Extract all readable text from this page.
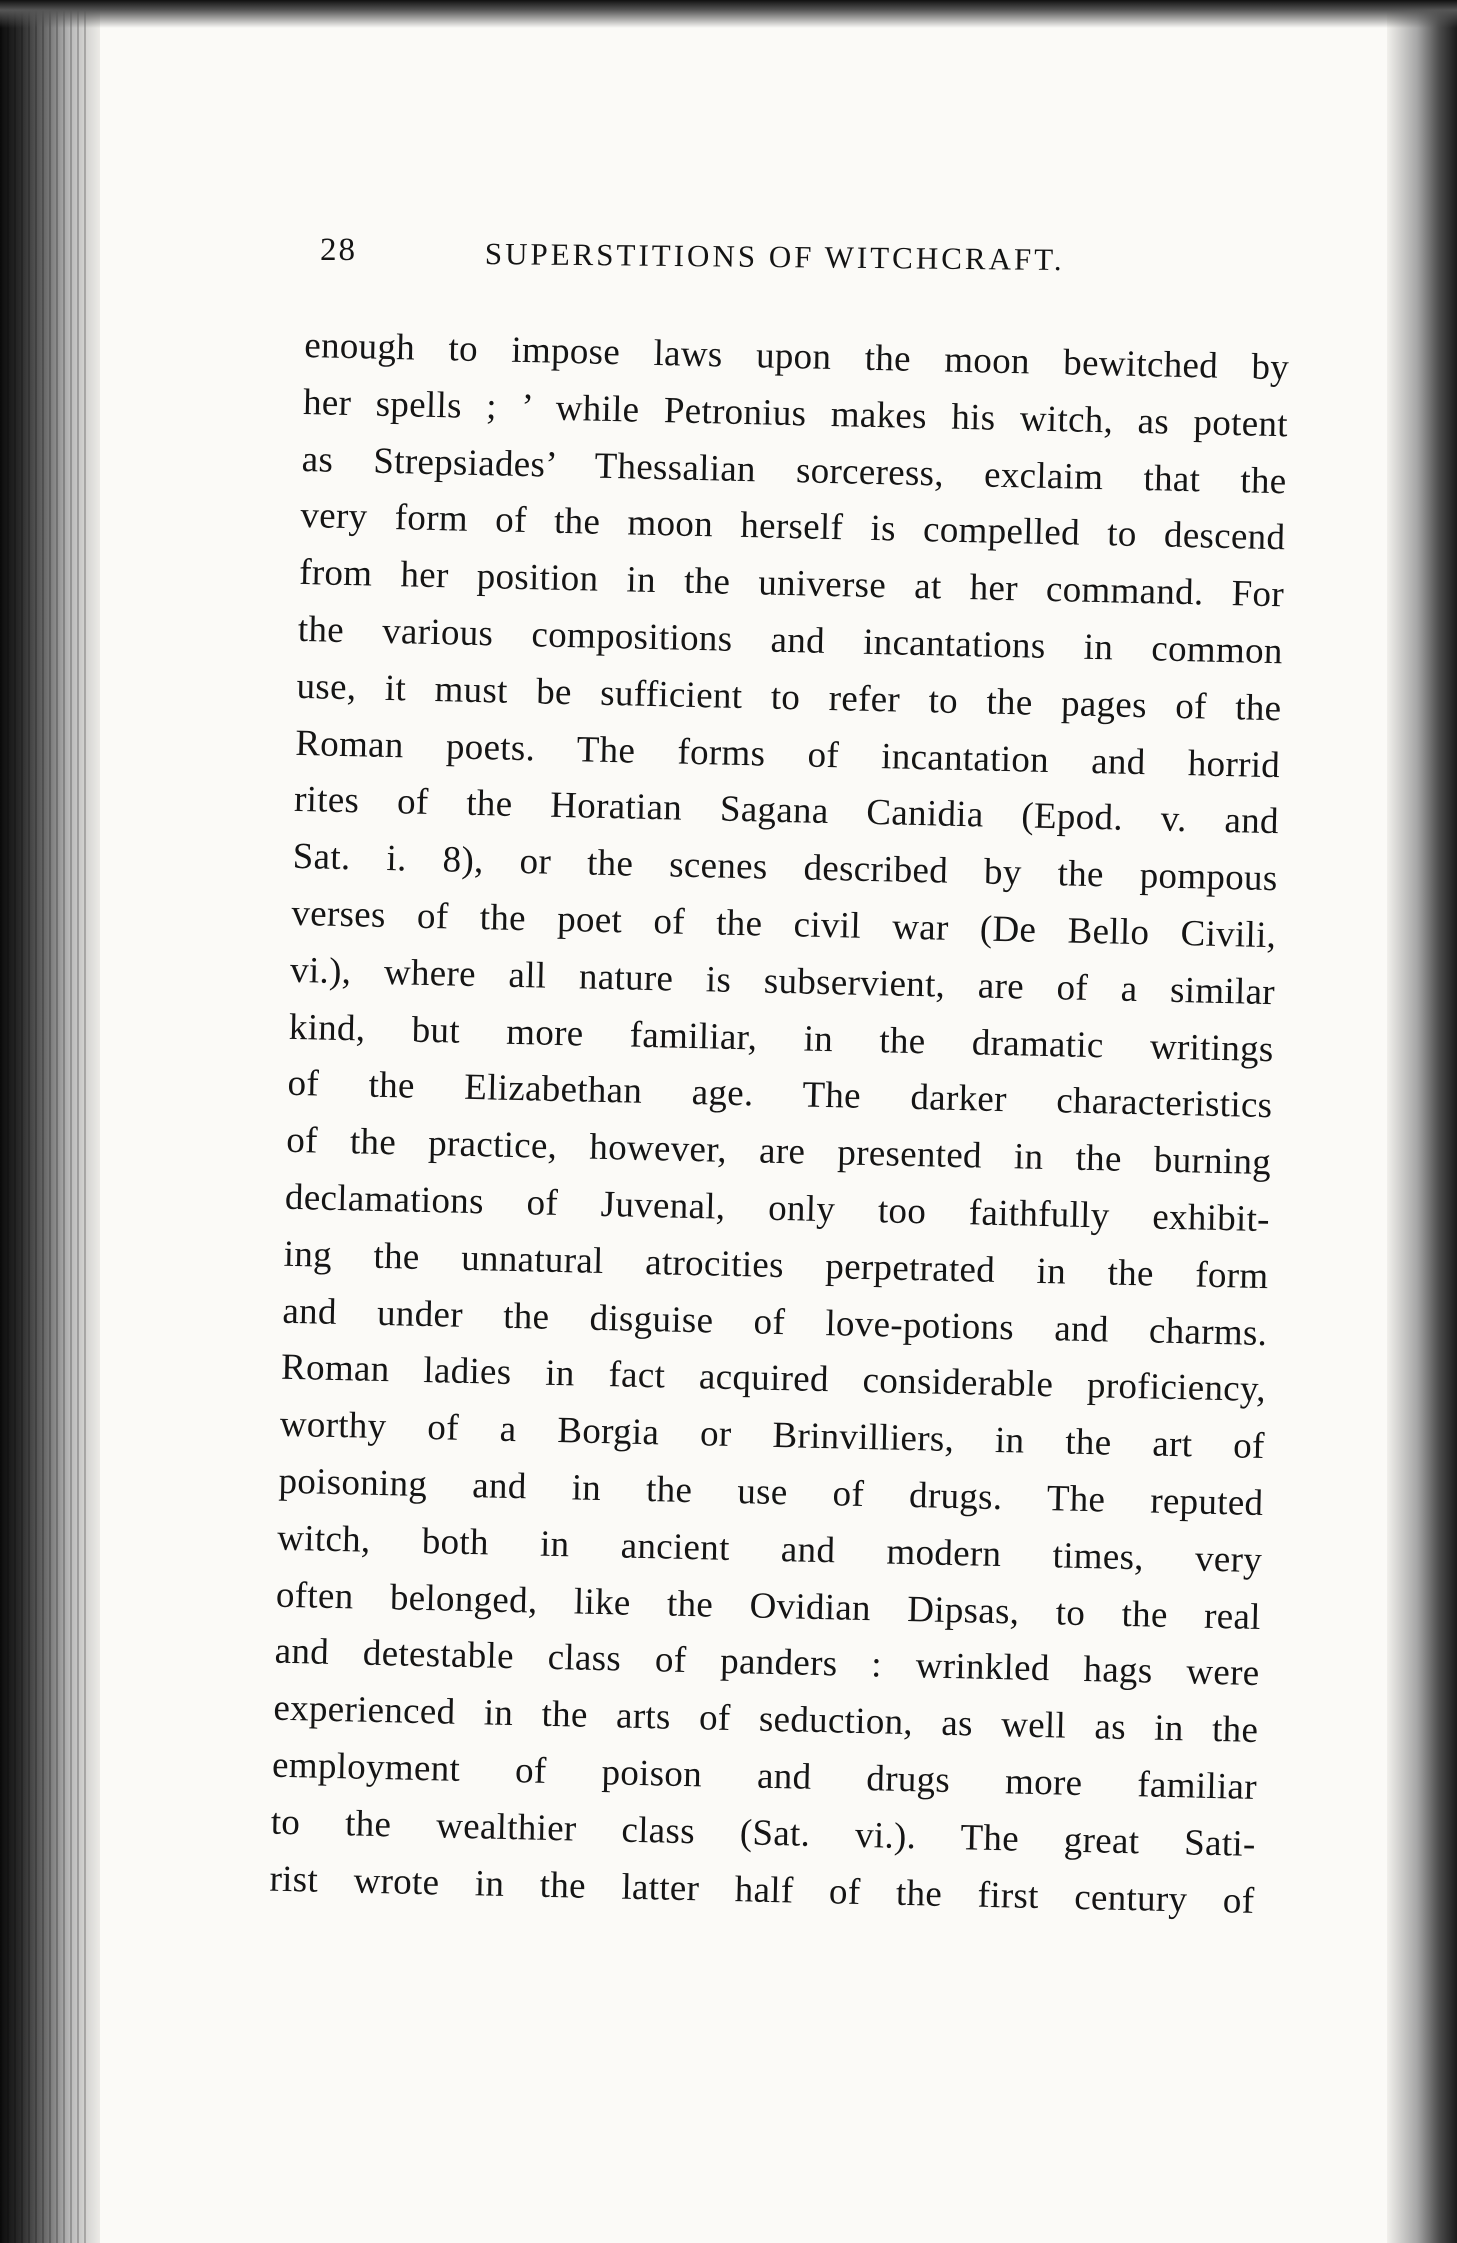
28	SUPERSTITIONS OF WITCHCRAFT.
enough to impose laws upon the moon bewitched by
her spells ; ’ while Petronius makes his witch, as potent
as Strepsiades’ Thessalian sorceress, exclaim that the
very form of the moon herself is compelled to descend
from her position in the universe at her command. For
the various compositions and incantations in common
use, it must be sufficient to refer to the pages of the
Roman poets. The forms of incantation and horrid
rites of the Horatian Sagana Canidia (Epod. v. and
Sat. i. 8), or the scenes described by the pompous
verses of the poet of the civil war (De Bello Civili,
vi.), where all nature is subservient, are of a similar
kind, but more familiar, in the dramatic writings
of the Elizabethan age. The darker characteristics
of the practice, however, are presented in the burning
declamations of Juvenal, only too faithfully exhibit-
ing the unnatural atrocities perpetrated in the form
and under the disguise of love-potions and charms.
Roman ladies in fact acquired considerable proficiency,
worthy of a Borgia or Brinvilliers, in the art of
poisoning and in the use of drugs. The reputed
witch, both in ancient and modern times, very
often belonged, like the Ovidian Dipsas, to the real
and detestable class of panders : wrinkled hags were
experienced in the arts of seduction, as well as in the
employment of poison and drugs more familiar
to the wealthier class (Sat. vi.). The great Sati-
rist wrote in the latter half of the first century of
